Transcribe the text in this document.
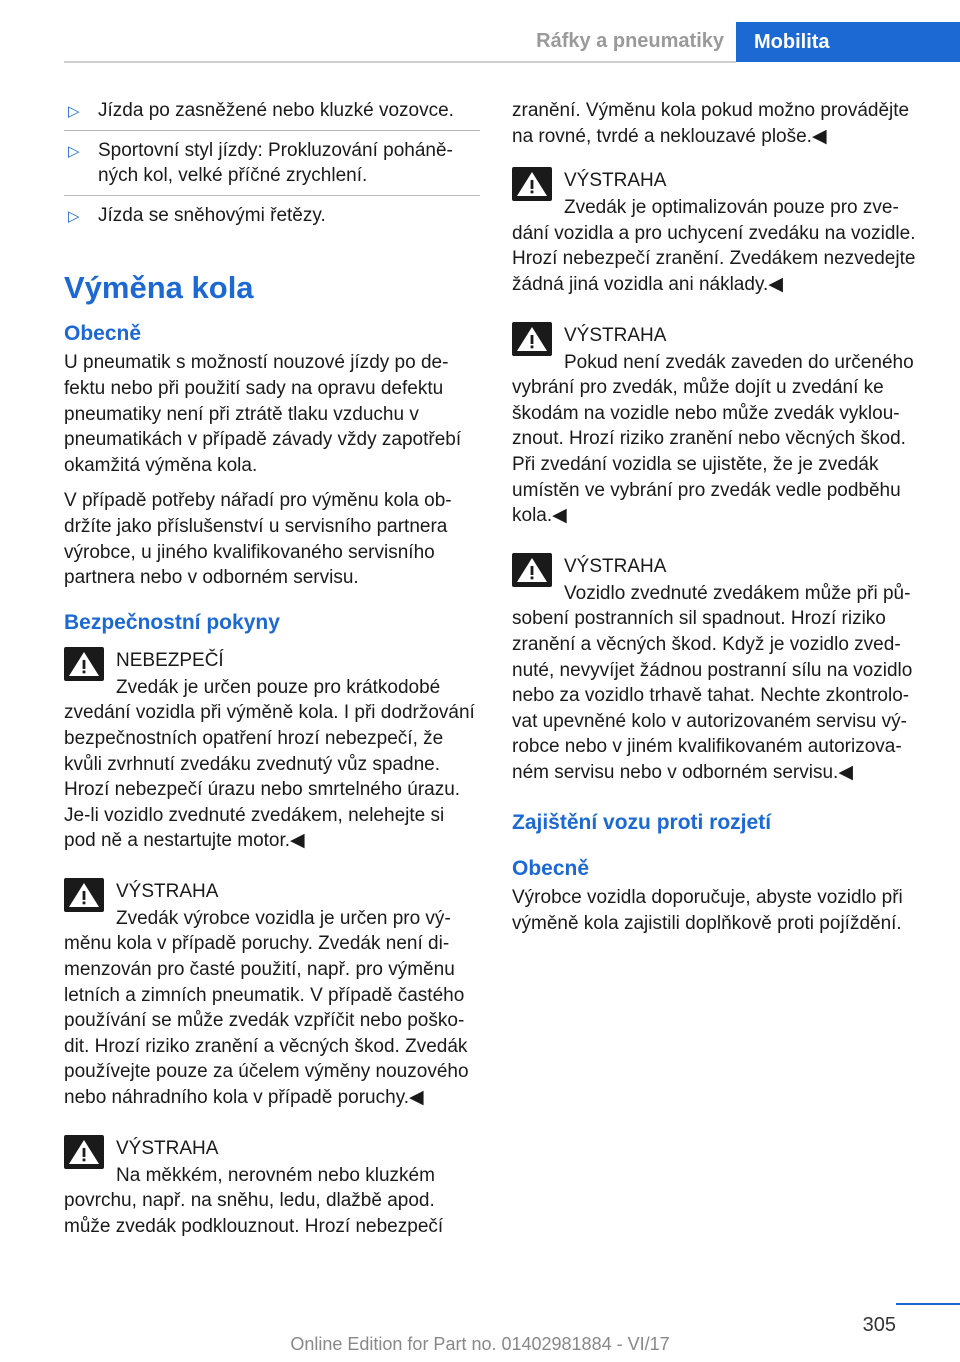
Ráfky a pneumatiky	Mobilita
▷ Jízda po zasněžené nebo kluzké vozovce.
▷ Sportovní styl jízdy: Prokluzování poháněných kol, velké příčné zrychlení.
▷ Jízda se sněhovými řetězy.
Výměna kola
Obecně

U pneumatik s možností nouzové jízdy po defektu nebo při použití sady na opravu defektu pneumatiky není při ztrátě tlaku vzduchu v pneumatikách v případě závady vždy zapotřebí okamžitá výměna kola.

V případě potřeby nářadí pro výměnu kola obdržíte jako příslušenství u servisního partnera výrobce, u jiného kvalifikovaného servisního partnera nebo v odborném servisu.

Bezpečnostní pokyny
NEBEZPEČÍ
Zvedák je určen pouze pro krátkodobé zvedání vozidla při výměně kola. I při dodržování bezpečnostních opatření hrozí nebezpečí, že kvůli zvrhnutí zvedáku zvednutý vůz spadne. Hrozí nebezpečí úrazu nebo smrtelného úrazu. Je-li vozidlo zvednuté zvedákem, nelehejte si pod ně a nestartujte motor.◀
VÝSTRAHA
Zvedák výrobce vozidla je určen pro výměnu kola v případě poruchy. Zvedák není dimenzován pro časté použití, např. pro výměnu letních a zimních pneumatik. V případě častého používání se může zvedák vzpříčit nebo poškodit. Hrozí riziko zranění a věcných škod. Zvedák používejte pouze za účelem výměny nouzového nebo náhradního kola v případě poruchy.◀
VÝSTRAHA
Na měkkém, nerovném nebo kluzkém povrchu, např. na sněhu, ledu, dlažbě apod. může zvedák podklouznout. Hrozí nebezpečí

zranění. Výměnu kola pokud možno provádějte na rovné, tvrdé a neklouzavé ploše.◀

VÝSTRAHA
Zvedák je optimalizován pouze pro zvedání vozidla a pro uchycení zvedáku na vozidle. Hrozí nebezpečí zranění. Zvedákem nezvedejte žádná jiná vozidla ani náklady.◀
VÝSTRAHA
Pokud není zvedák zaveden do určeného vybrání pro zvedák, může dojít u zvedání ke škodám na vozidle nebo může zvedák vyklouznout. Hrozí riziko zranění nebo věcných škod. Při zvedání vozidla se ujistěte, že je zvedák umístěn ve vybrání pro zvedák vedle podběhu kola.◀
VÝSTRAHA
Vozidlo zvednuté zvedákem může při působení postranních sil spadnout. Hrozí riziko zranění a věcných škod. Když je vozidlo zvednuté, nevyvíjet žádnou postranní sílu na vozidlo nebo za vozidlo trhavě tahat. Nechte zkontrolovat upevněné kolo v autorizovaném servisu výrobce nebo v jiném kvalifikovaném autorizovaném servisu nebo v odborném servisu.◀
Zajištění vozu proti rozjetí
Obecně

Výrobce vozidla doporučuje, abyste vozidlo při výměně kola zajistili doplňkově proti pojíždění.

305
Online Edition for Part no. 01402981884 - VI/17
